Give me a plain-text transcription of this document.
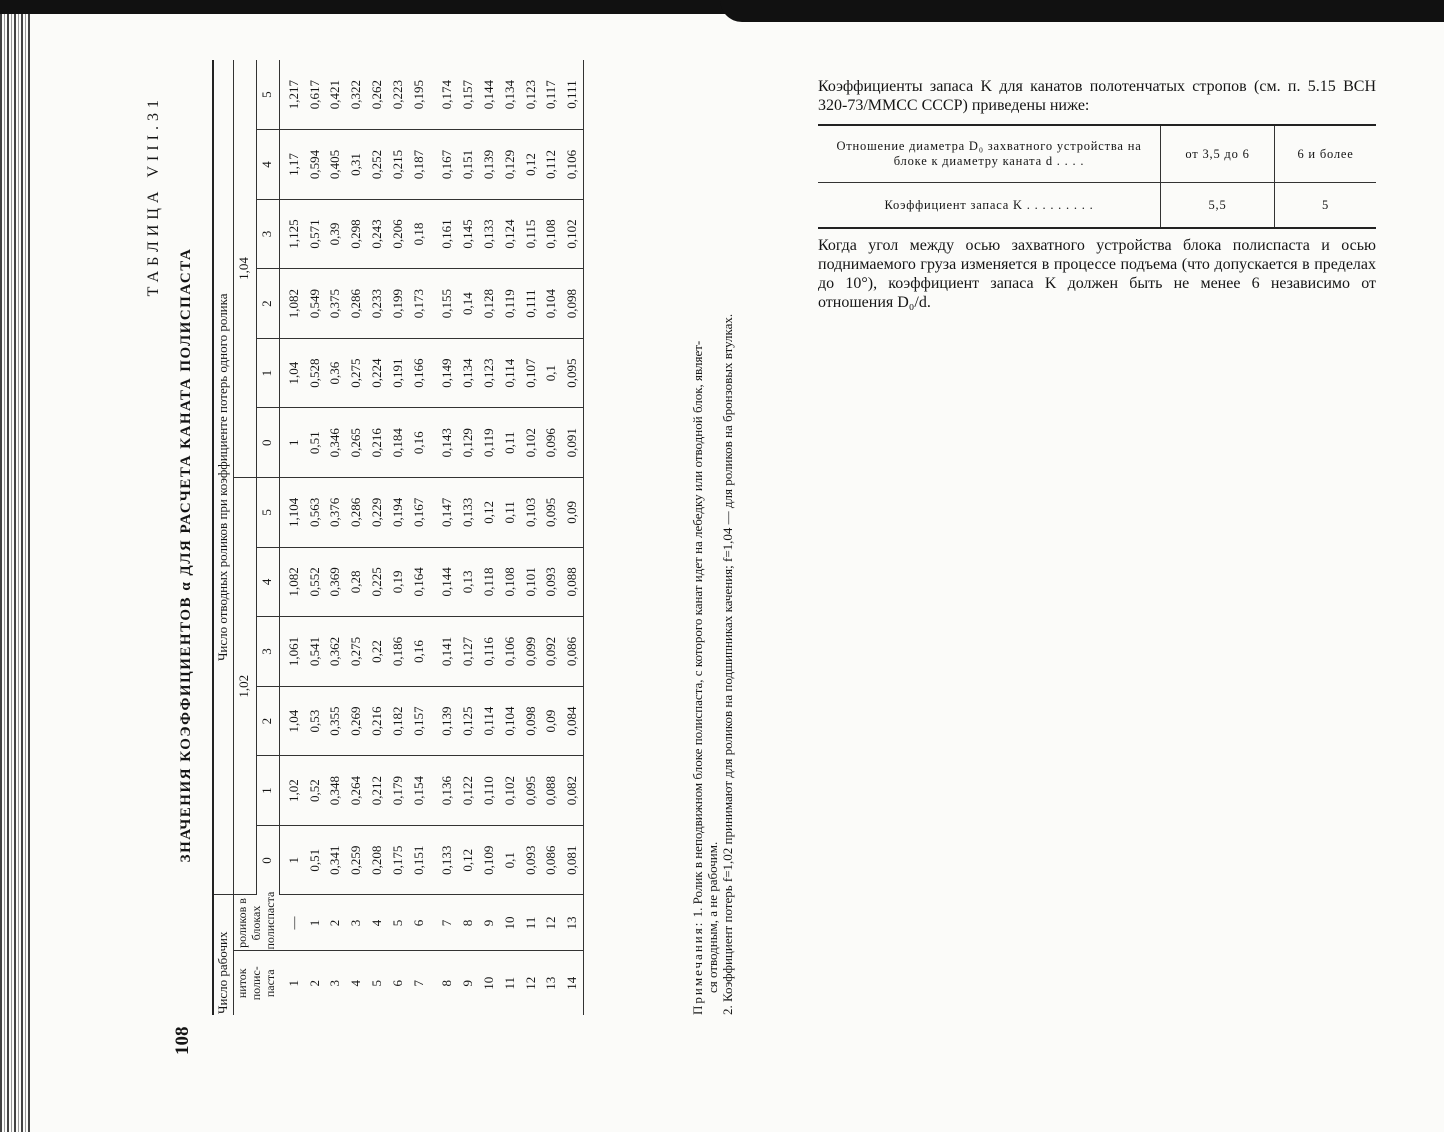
108
ТАБЛИЦА VIII.31
ЗНАЧЕНИЯ КОЭФФИЦИЕНТОВ α ДЛЯ РАСЧЕТА КАНАТА ПОЛИСПАСТА
Число рабочих		Число отводных роликов при коэффициенте потерь одного ролика											
ниток полис-паста	роликов в блоках полиспаста	1,02						1,04					
		0	1	2	3	4	5	0	1	2	3	4	5
1	—	1	1,02	1,04	1,061	1,082	1,104	1	1,04	1,082	1,125	1,17	1,217
2	1	0,51	0,52	0,53	0,541	0,552	0,563	0,51	0,528	0,549	0,571	0,594	0,617
3	2	0,341	0,348	0,355	0,362	0,369	0,376	0,346	0,36	0,375	0,39	0,405	0,421
4	3	0,259	0,264	0,269	0,275	0,28	0,286	0,265	0,275	0,286	0,298	0,31	0,322
5	4	0,208	0,212	0,216	0,22	0,225	0,229	0,216	0,224	0,233	0,243	0,252	0,262
6	5	0,175	0,179	0,182	0,186	0,19	0,194	0,184	0,191	0,199	0,206	0,215	0,223
7	6	0,151	0,154	0,157	0,16	0,164	0,167	0,16	0,166	0,173	0,18	0,187	0,195
8	7	0,133	0,136	0,139	0,141	0,144	0,147	0,143	0,149	0,155	0,161	0,167	0,174
9	8	0,12	0,122	0,125	0,127	0,13	0,133	0,129	0,134	0,14	0,145	0,151	0,157
10	9	0,109	0,110	0,114	0,116	0,118	0,12	0,119	0,123	0,128	0,133	0,139	0,144
11	10	0,1	0,102	0,104	0,106	0,108	0,11	0,11	0,114	0,119	0,124	0,129	0,134
12	11	0,093	0,095	0,098	0,099	0,101	0,103	0,102	0,107	0,111	0,115	0,12	0,123
13	12	0,086	0,088	0,09	0,092	0,093	0,095	0,096	0,1	0,104	0,108	0,112	0,117
14	13	0,081	0,082	0,084	0,086	0,088	0,09	0,091	0,095	0,098	0,102	0,106	0,111
Примечания: 1. Ролик в неподвижном блоке полиспаста, с которого канат идет на лебедку или отводной блок, являет- ся отводным, а не рабочим. 2. Коэффициент потерь f=1,02 принимают для роликов на подшипниках качения; f=1,04 — для роликов на бронзовых втулках.
Коэффициенты запаса K для канатов полотенчатых стропов (см. п. 5.15 ВСН 320-73/ММСС СССР) приведены ниже:
Отношение диаметра D₀ захватного устройства на блоке к диаметру каната d . . . .	от 3,5 до 6	6 и более
Коэффициент запаса K . . . . . . . . .	5,5	5
Когда угол между осью захватного устройства блока полиспаста и осью поднимаемого груза изменяется в процессе подъема (что допускается в пределах до 10°), коэффициент запаса K должен быть не менее 6 независимо от отношения D₀/d.
